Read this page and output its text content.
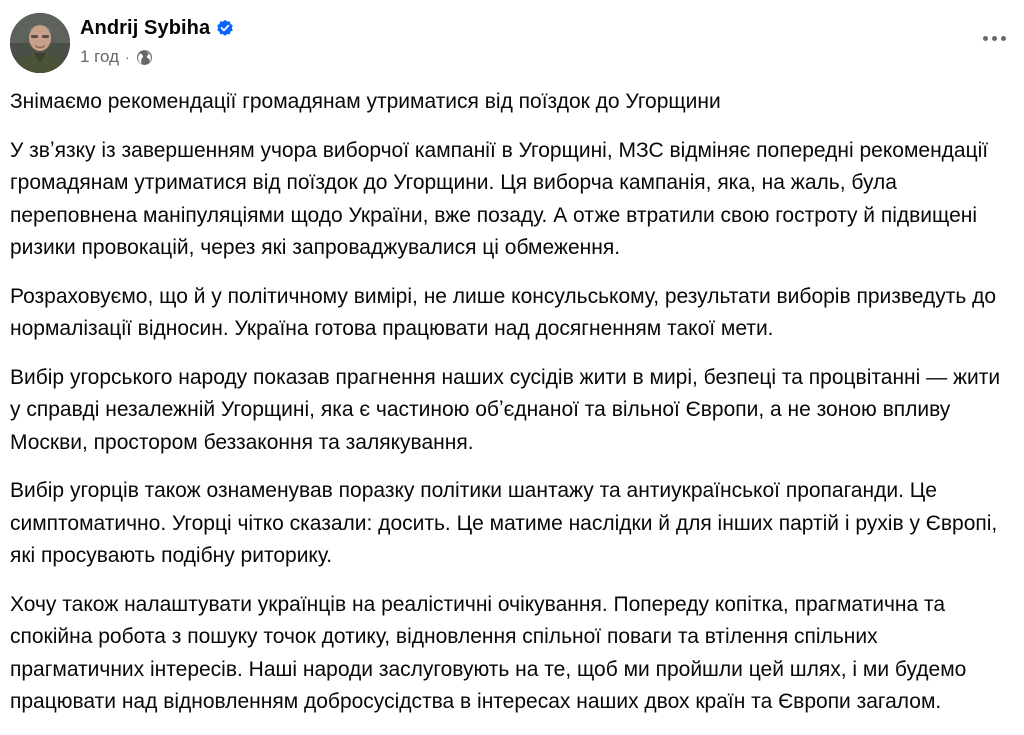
Andrij Sybiha
1 год ·

Знімаємо рекомендації громадянам утриматися від поїздок до Угорщини

У звʼязку із завершенням учора виборчої кампанії в Угорщині, МЗС відміняє попередні рекомендації громадянам утриматися від поїздок до Угорщини. Ця виборча кампанія, яка, на жаль, була переповнена маніпуляціями щодо України, вже позаду. А отже втратили свою гостроту й підвищені ризики провокацій, через які запроваджувалися ці обмеження.

Розраховуємо, що й у політичному вимірі, не лише консульському, результати виборів призведуть до нормалізації відносин. Україна готова працювати над досягненням такої мети.

Вибір угорського народу показав прагнення наших сусідів жити в мирі, безпеці та процвітанні — жити у справді незалежній Угорщині, яка є частиною обʼєднаної та вільної Європи, а не зоною впливу Москви, простором беззаконня та залякування.

Вибір угорців також ознаменував поразку політики шантажу та антиукраїнської пропаганди. Це симптоматично. Угорці чітко сказали: досить. Це матиме наслідки й для інших партій і рухів у Європі, які просувають подібну риторику.

Хочу також налаштувати українців на реалістичні очікування. Попереду копітка, прагматична та спокійна робота з пошуку точок дотику, відновлення спільної поваги та втілення спільних прагматичних інтересів. Наші народи заслуговують на те, щоб ми пройшли цей шлях, і ми будемо працювати над відновленням добросусідства в інтересах наших двох країн та Європи загалом.
